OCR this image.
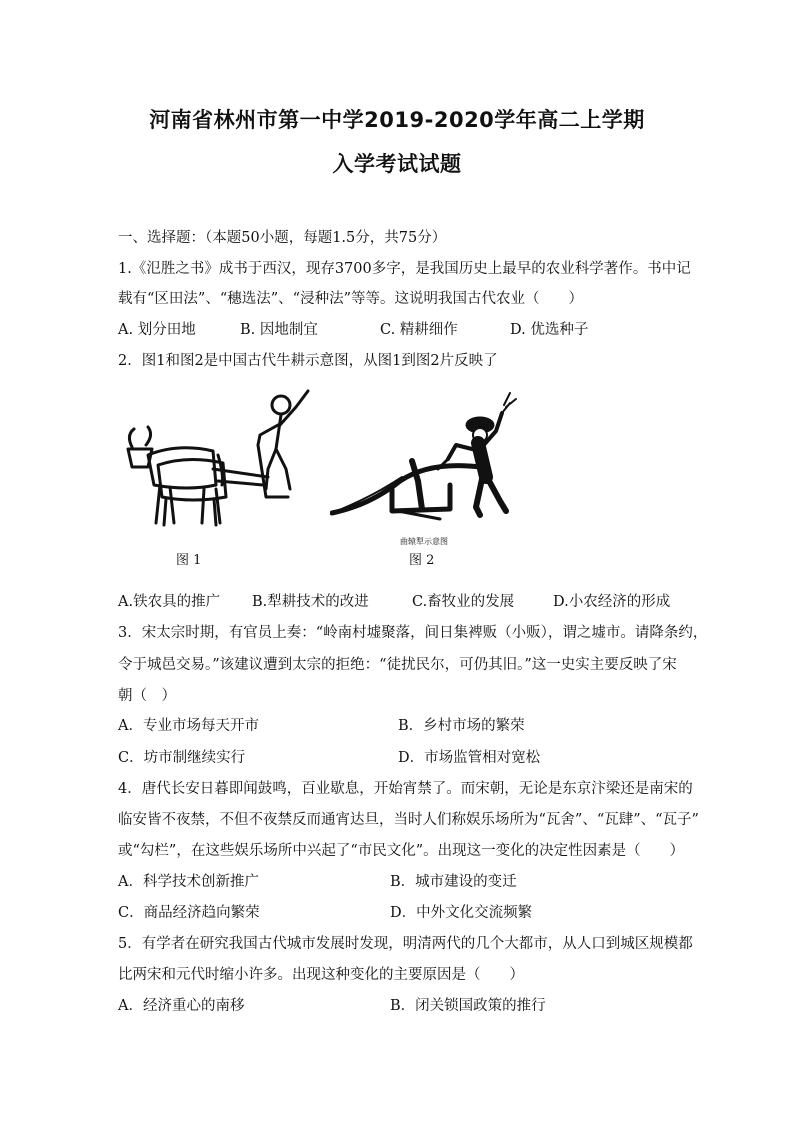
河南省林州市第一中学2019-2020学年高二上学期
入学考试试题
一、选择题：（本题50小题，每题1.5分，共75分）
1.《氾胜之书》成书于西汉，现存3700多字，是我国历史上最早的农业科学著作。书中记
载有“区田法”、“穗选法”、“浸种法”等等。这说明我国古代农业（　　）
A. 划分田地	B. 因地制宜	C. 精耕细作	D. 优选种子
2．图1和图2是中国古代牛耕示意图，从图1到图2片反映了
图 1
曲辕犁示意图
图 2
A.铁农具的推广 B.犁耕技术的改进	C.畜牧业的发展	D.小农经济的形成
3．宋太宗时期，有官员上奏：“岭南村墟聚落，间日集裨贩（小贩），谓之墟市。请降条约，
令于城邑交易。”该建议遭到太宗的拒绝：“徒扰民尔，可仍其旧。”这一史实主要反映了宋
朝（　）
A．专业市场每天开市	B．乡村市场的繁荣
C．坊市制继续实行	D．市场监管相对宽松
4．唐代长安日暮即闻鼓鸣，百业歇息，开始宵禁了。而宋朝，无论是东京汴梁还是南宋的
临安皆不夜禁，不但不夜禁反而通宵达旦，当时人们称娱乐场所为“瓦舍”、“瓦肆”、“瓦子”
或“勾栏”，在这些娱乐场所中兴起了“市民文化”。出现这一变化的决定性因素是（　　）
A．科学技术创新推广	B．城市建设的变迁
C．商品经济趋向繁荣	D．中外文化交流频繁
5．有学者在研究我国古代城市发展时发现，明清两代的几个大都市，从人口到城区规模都
比两宋和元代时缩小许多。出现这种变化的主要原因是（　　）
A．经济重心的南移	B．闭关锁国政策的推行
